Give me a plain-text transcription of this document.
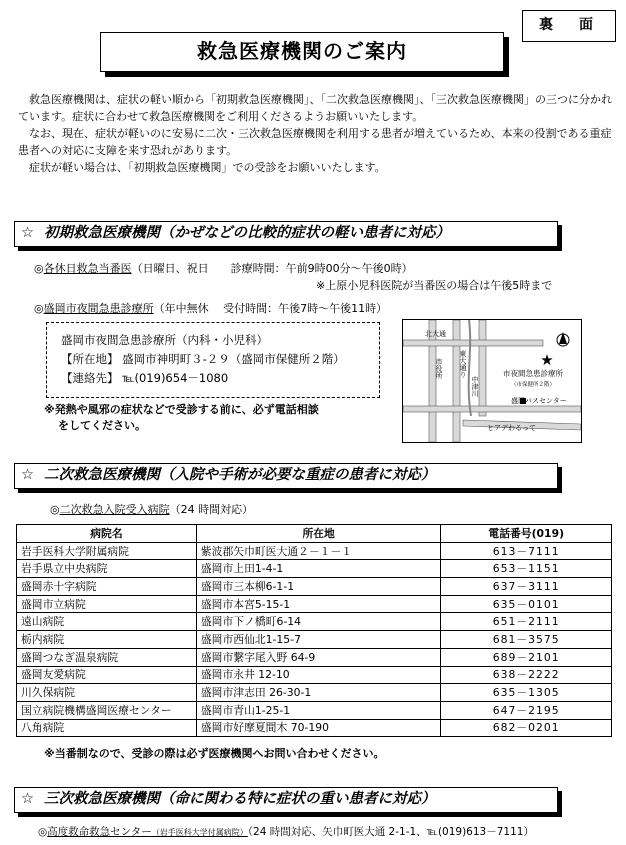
裏　面
救急医療機関のご案内

救急医療機関は、症状の軽い順から「初期救急医療機関」、「二次救急医療機関」、「三次救急医療機関」の三つに分かれています。症状に合わせて救急医療機関をご利用くださるようお願いいたします。

なお、現在、症状が軽いのに安易に二次・三次救急医療機関を利用する患者が増えているため、本来の役割である重症患者への対応に支障を来す恐れがあります。

症状が軽い場合は、「初期救急医療機関」での受診をお願いいたします。

☆ 初期救急医療機関（かぜなどの比較的症状の軽い患者に対応）
◎各休日救急当番医（日曜日、祝日　　診療時間：午前9時00分～午後0時）
※上原小児科医院が当番医の場合は午後5時まで
◎盛岡市夜間急患診療所（年中無休　 受付時間：午後7時～午後11時）
盛岡市夜間急患診療所（内科・小児科）
【所在地】 盛岡市神明町３-２９（盛岡市保健所２階）
【連絡先】 ℡(019)654－1080
※発熱や風邪の症状などで受診する前に、必ず電話相談
をしてください。
★
北大通
市役所 東大通り
中津川
市夜間急患診療所
（市保健所２階）
盛岡バスセンター
ヒアデわるって
☆ 二次救急医療機関（入院や手術が必要な重症の患者に対応）
◎二次救急入院受入病院（24 時間対応）
病院名	所在地	電話番号(019)
岩手医科大学附属病院	紫波郡矢巾町医大通２－１－１	613－7111
岩手県立中央病院	盛岡市上田1-4-1	653－1151
盛岡赤十字病院	盛岡市三本柳6-1-1	637－3111
盛岡市立病院	盛岡市本宮5-15-1	635－0101
遠山病院	盛岡市下ノ橋町6-14	651－2111
栃内病院	盛岡市西仙北1-15-7	681－3575
盛岡つなぎ温泉病院	盛岡市繋字尾入野 64-9	689－2101
盛岡友愛病院	盛岡市永井 12-10	638－2222
川久保病院	盛岡市津志田 26-30-1	635－1305
国立病院機構盛岡医療センター	盛岡市青山1-25-1	647－2195
八角病院	盛岡市好摩夏間木 70-190	682－0201
※当番制なので、受診の際は必ず医療機関へお問い合わせください。
☆ 三次救急医療機関（命に関わる特に症状の重い患者に対応）
◎高度救命救急センター（岩手医科大学付属病院）（24 時間対応、矢巾町医大通 2-1-1、℡(019)613－7111）
